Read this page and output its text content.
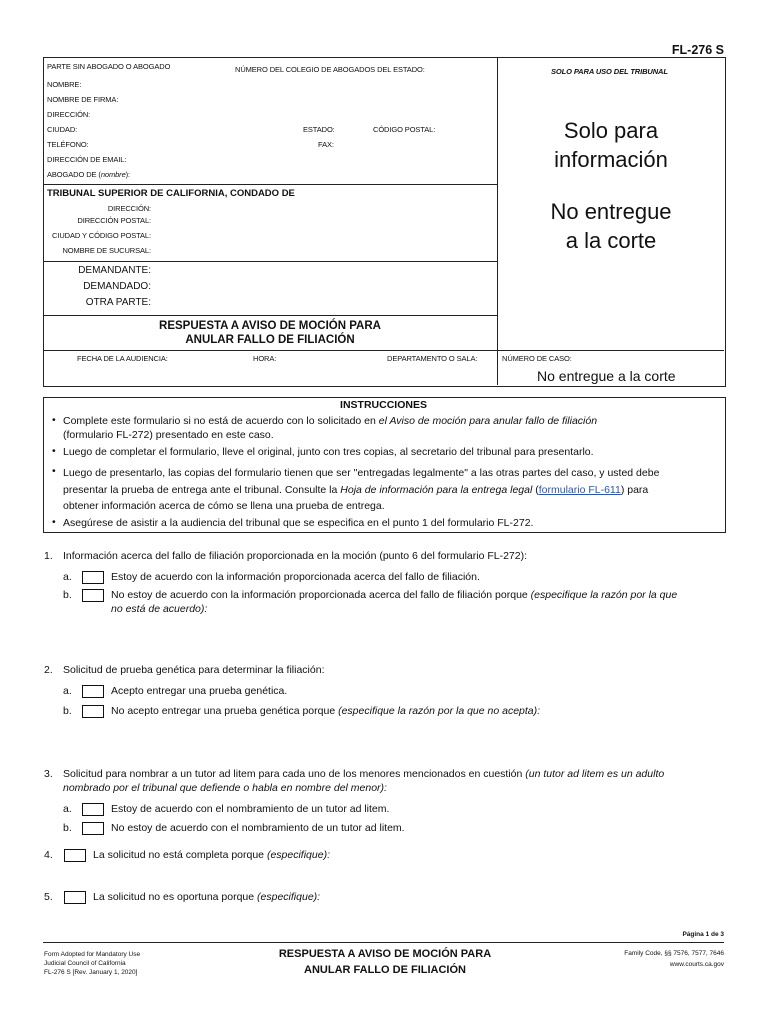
FL-276 S
PARTE SIN ABOGADO O ABOGADO	NÚMERO DEL COLEGIO DE ABOGADOS DEL ESTADO:	SOLO PARA USO DEL TRIBUNAL
NOMBRE:
NOMBRE DE FIRMA:
DIRECCIÓN:
CIUDAD:	ESTADO:	CÓDIGO POSTAL:
TELÉFONO:	FAX:
DIRECCIÓN DE EMAIL:
ABOGADO DE (nombre):
Solo para
información
No entregue
a la corte
TRIBUNAL SUPERIOR DE CALIFORNIA, CONDADO DE
DIRECCIÓN:
DIRECCIÓN POSTAL:
CIUDAD Y CÓDIGO POSTAL:
NOMBRE DE SUCURSAL:
DEMANDANTE:
DEMANDADO:
OTRA PARTE:
RESPUESTA A AVISO DE MOCIÓN PARA
ANULAR FALLO DE FILIACIÓN
FECHA DE LA AUDIENCIA:	HORA:	DEPARTAMENTO O SALA:	NÚMERO DE CASO:
No entregue a la corte
INSTRUCCIONES
• Complete este formulario si no está de acuerdo con lo solicitado en el Aviso de moción para anular fallo de filiación
(formulario FL-272) presentado en este caso.
• Luego de completar el formulario, lleve el original, junto con tres copias, al secretario del tribunal para presentarlo.
• Luego de presentarlo, las copias del formulario tienen que ser "entregadas legalmente" a las otras partes del caso, y usted debe
presentar la prueba de entrega ante el tribunal. Consulte la Hoja de información para la entrega legal (formulario FL-611) para
obtener información acerca de cómo se llena una prueba de entrega.
• Asegúrese de asistir a la audiencia del tribunal que se especifica en el punto 1 del formulario FL-272.
1. Información acerca del fallo de filiación proporcionada en la moción (punto 6 del formulario FL-272):
a.	Estoy de acuerdo con la información proporcionada acerca del fallo de filiación.
b.	No estoy de acuerdo con la información proporcionada acerca del fallo de filiación porque (especifique la razón por la que
no está de acuerdo):
2. Solicitud de prueba genética para determinar la filiación:
a.	Acepto entregar una prueba genética.
b.	No acepto entregar una prueba genética porque (especifique la razón por la que no acepta):
3. Solicitud para nombrar a un tutor ad litem para cada uno de los menores mencionados en cuestión (un tutor ad litem es un adulto
nombrado por el tribunal que defiende o habla en nombre del menor):
a.	Estoy de acuerdo con el nombramiento de un tutor ad litem.
b.	No estoy de acuerdo con el nombramiento de un tutor ad litem.
4.	La solicitud no está completa porque (especifique):
5.	La solicitud no es oportuna porque (especifique):
Página 1 de 3
Form Adopted for Mandatory Use
Judicial Council of California
FL-276 S [Rev. January 1, 2020]
RESPUESTA A AVISO DE MOCIÓN PARA
ANULAR FALLO DE FILIACIÓN
Family Code, §§ 7576, 7577, 7646
www.courts.ca.gov
